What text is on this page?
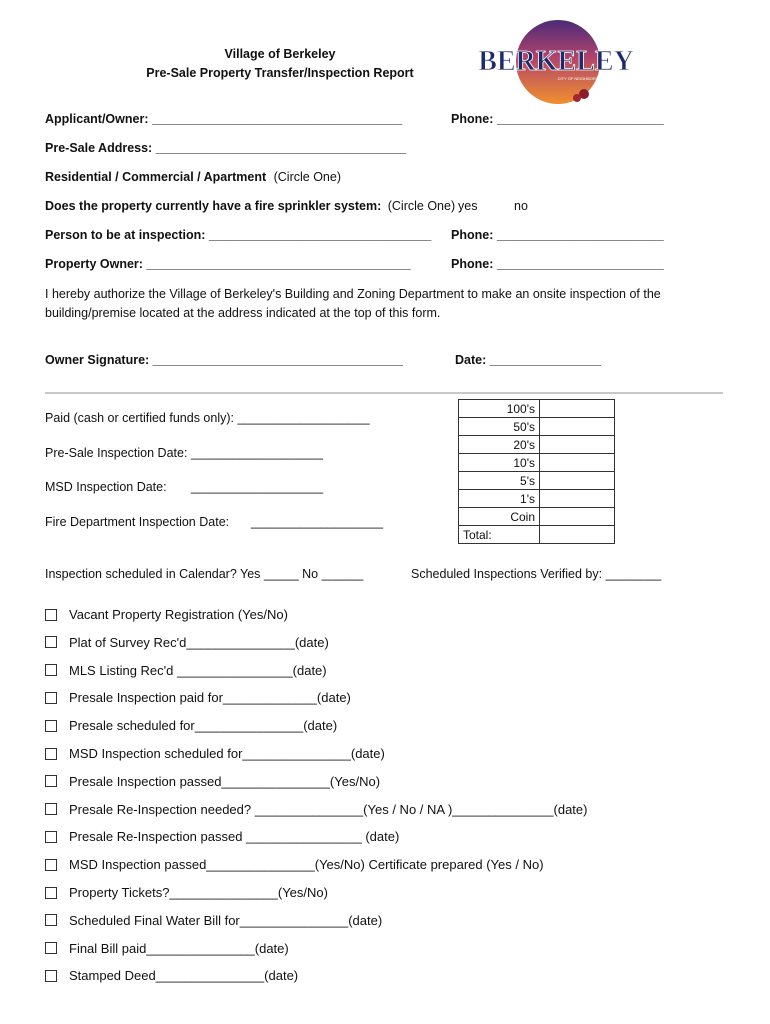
Village of Berkeley
Pre-Sale Property Transfer/Inspection Report	BERKELEY
CITY OF NEIGHBORS
Applicant/Owner: ____________________________________	Phone: ________________________
Pre-Sale Address: ____________________________________
Residential / Commercial / Apartment (Circle One)
Does the property currently have a fire sprinkler system: (Circle One) yes	no
Person to be at inspection: ________________________________ Phone: ________________________
Property Owner: ______________________________________	Phone: ________________________
I hereby authorize the Village of Berkeley's Building and Zoning Department to make an onsite inspection of the
building/premise located at the address indicated at the top of this form.
Owner Signature: ____________________________________	Date: ________________
Paid (cash or certified funds only): ___________________
Pre-Sale Inspection Date: ___________________
MSD Inspection Date: ___________________
Fire Department Inspection Date: ___________________
100's	
50's	
20's	
10's	
5's	
1's	
Coin	
Total:	
Inspection scheduled in Calendar? Yes _____ No ______	Scheduled Inspections Verified by: ________
Vacant Property Registration (Yes/No)
Plat of Survey Rec'd_______________(date)
MLS Listing Rec'd ________________(date)
Presale Inspection paid for_____________(date)
Presale scheduled for_______________(date)
MSD Inspection scheduled for_______________(date)
Presale Inspection passed_______________(Yes/No)
Presale Re-Inspection needed? _______________(Yes / No / NA )______________(date)
Presale Re-Inspection passed ________________ (date)
MSD Inspection passed_______________(Yes/No) Certificate prepared (Yes / No)
Property Tickets?_______________(Yes/No)
Scheduled Final Water Bill for_______________(date)
Final Bill paid_______________(date)
Stamped Deed_______________(date)
